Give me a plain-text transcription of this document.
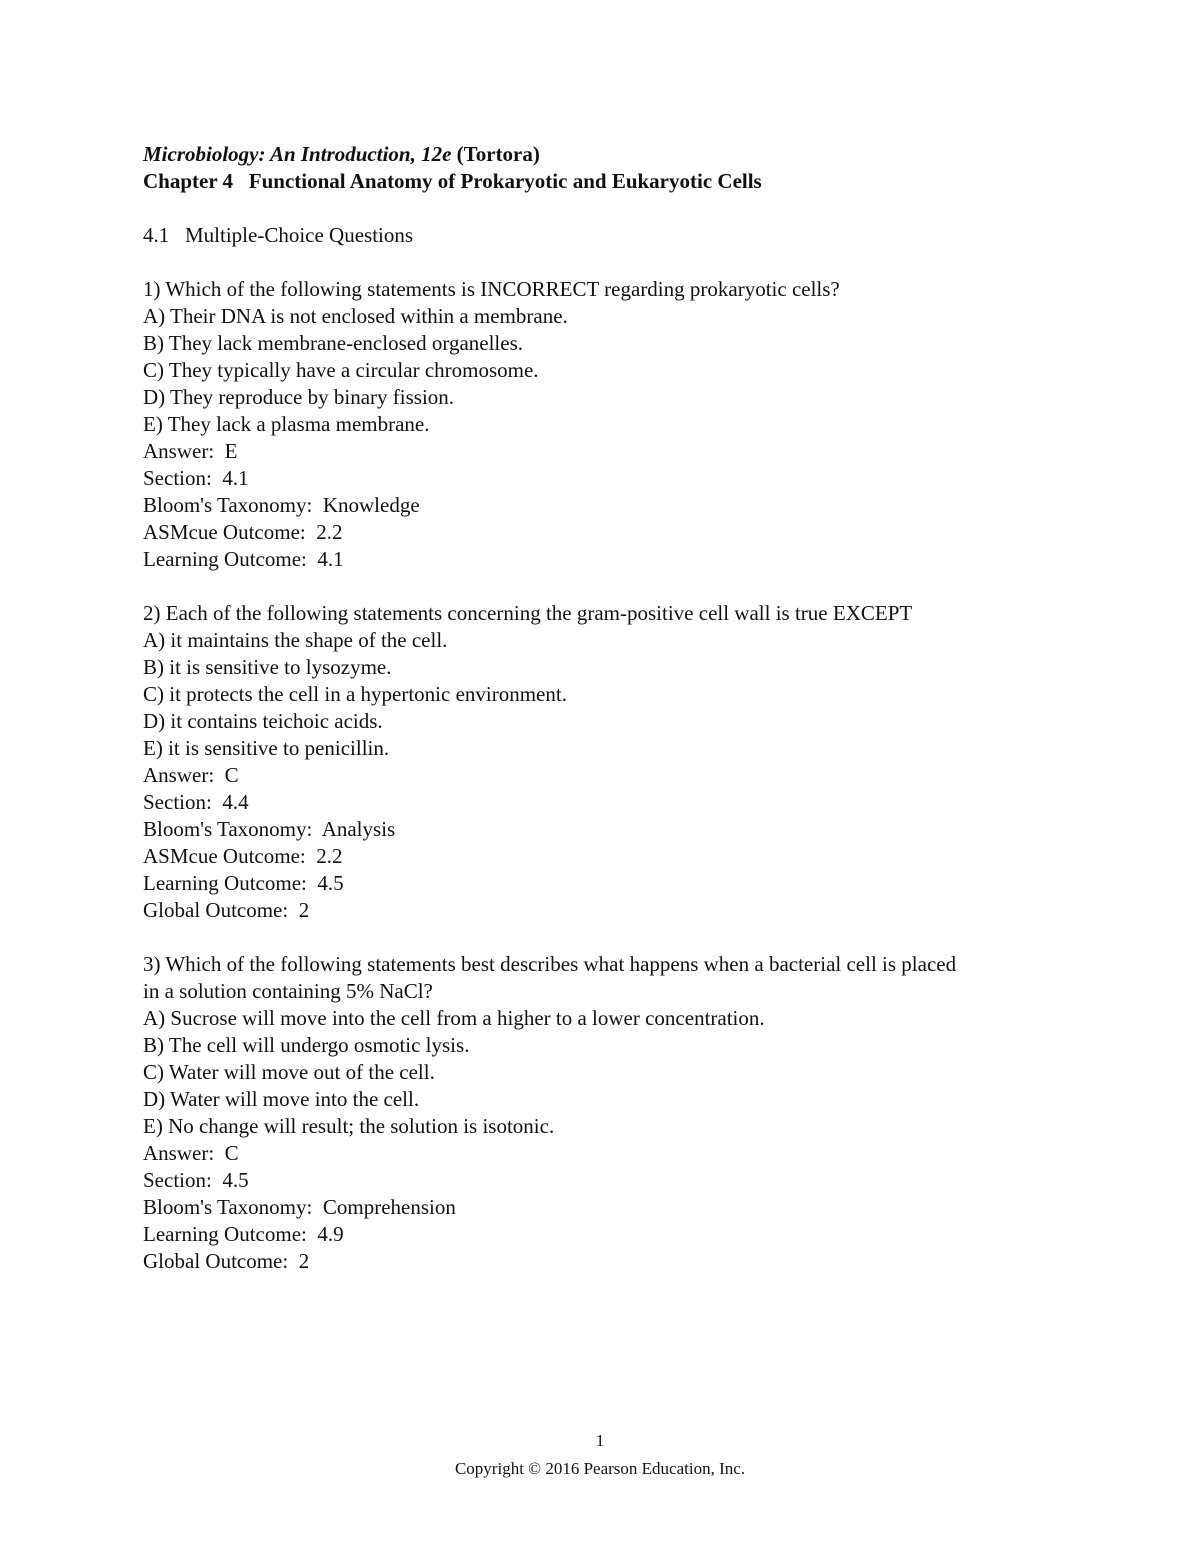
Microbiology: An Introduction, 12e (Tortora)
Chapter 4   Functional Anatomy of Prokaryotic and Eukaryotic Cells
4.1   Multiple-Choice Questions
1) Which of the following statements is INCORRECT regarding prokaryotic cells?
A) Their DNA is not enclosed within a membrane.
B) They lack membrane-enclosed organelles.
C) They typically have a circular chromosome.
D) They reproduce by binary fission.
E) They lack a plasma membrane.
Answer:  E
Section:  4.1
Bloom's Taxonomy:  Knowledge
ASMcue Outcome:  2.2
Learning Outcome:  4.1
2) Each of the following statements concerning the gram-positive cell wall is true EXCEPT
A) it maintains the shape of the cell.
B) it is sensitive to lysozyme.
C) it protects the cell in a hypertonic environment.
D) it contains teichoic acids.
E) it is sensitive to penicillin.
Answer:  C
Section:  4.4
Bloom's Taxonomy:  Analysis
ASMcue Outcome:  2.2
Learning Outcome:  4.5
Global Outcome:  2
3) Which of the following statements best describes what happens when a bacterial cell is placed
in a solution containing 5% NaCl?
A) Sucrose will move into the cell from a higher to a lower concentration.
B) The cell will undergo osmotic lysis.
C) Water will move out of the cell.
D) Water will move into the cell.
E) No change will result; the solution is isotonic.
Answer:  C
Section:  4.5
Bloom's Taxonomy:  Comprehension
Learning Outcome:  4.9
Global Outcome:  2
1
Copyright © 2016 Pearson Education, Inc.
